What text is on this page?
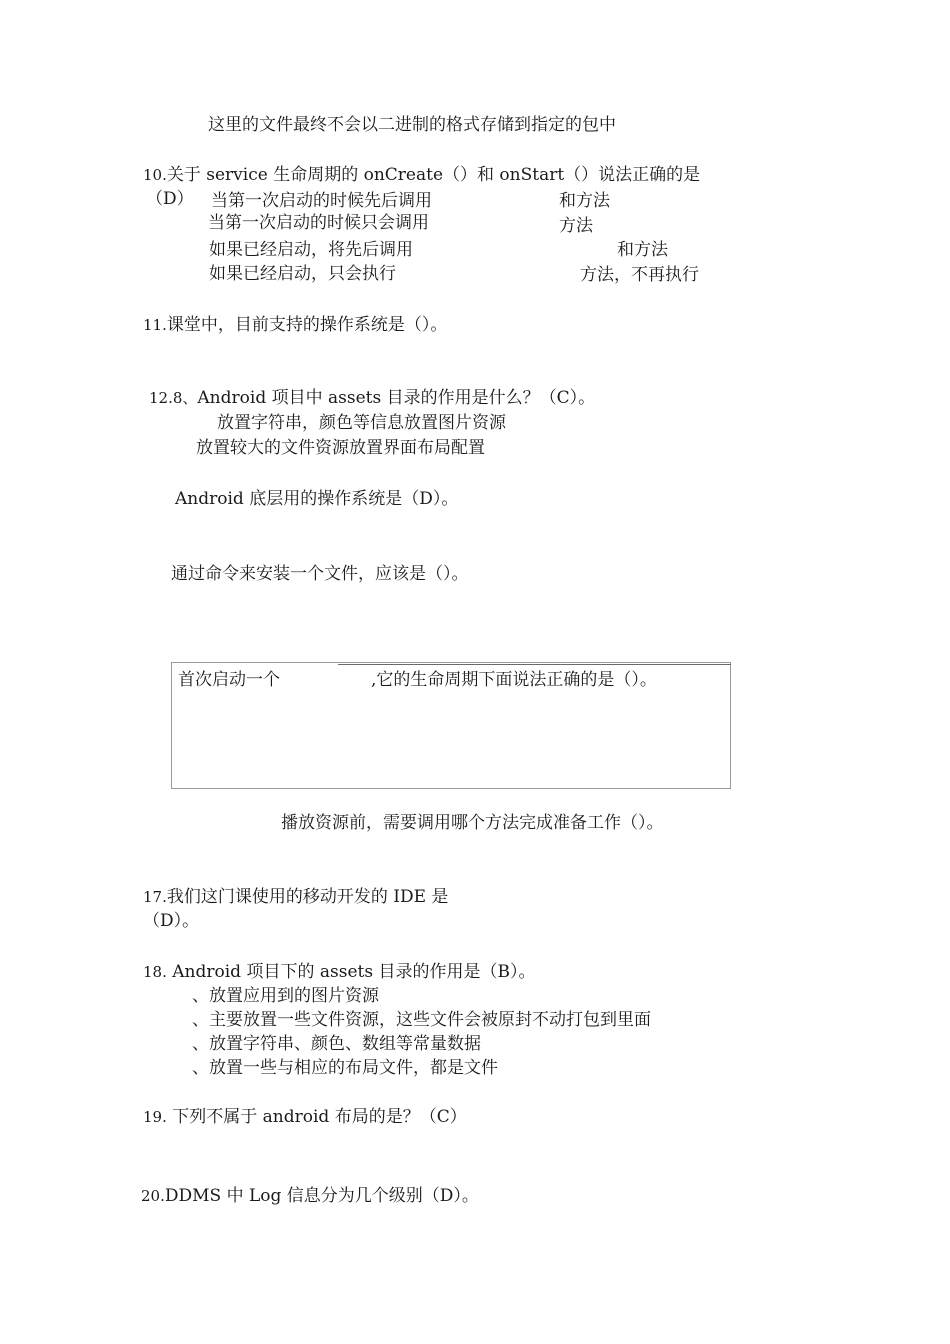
这里的文件最终不会以二进制的格式存储到指定的包中
10.关于 service 生命周期的 onCreate（）和 onStart（）说法正确的是
（D） 当第一次启动的时候先后调用	和方法
当第一次启动的时候只会调用	方法
如果已经启动，将先后调用	和方法
如果已经启动，只会执行	方法，不再执行
11.课堂中，目前支持的操作系统是（）。
12.8、Android 项目中 assets 目录的作用是什么？（C）。
放置字符串，颜色等信息放置图片资源
放置较大的文件资源放置界面布局配置
Android 底层用的操作系统是（D）。
通过命令来安装一个文件，应该是（）。
首次启动一个	,它的生命周期下面说法正确的是（）。
播放资源前，需要调用哪个方法完成准备工作（）。
17.我们这门课使用的移动开发的 IDE 是
（D）。
18. Android 项目下的 assets 目录的作用是（B）。
、放置应用到的图片资源
、主要放置一些文件资源，这些文件会被原封不动打包到里面
、放置字符串、颜色、数组等常量数据
、放置一些与相应的布局文件，都是文件
19. 下列不属于 android 布局的是？（C）
20.DDMS 中 Log 信息分为几个级别（D）。
